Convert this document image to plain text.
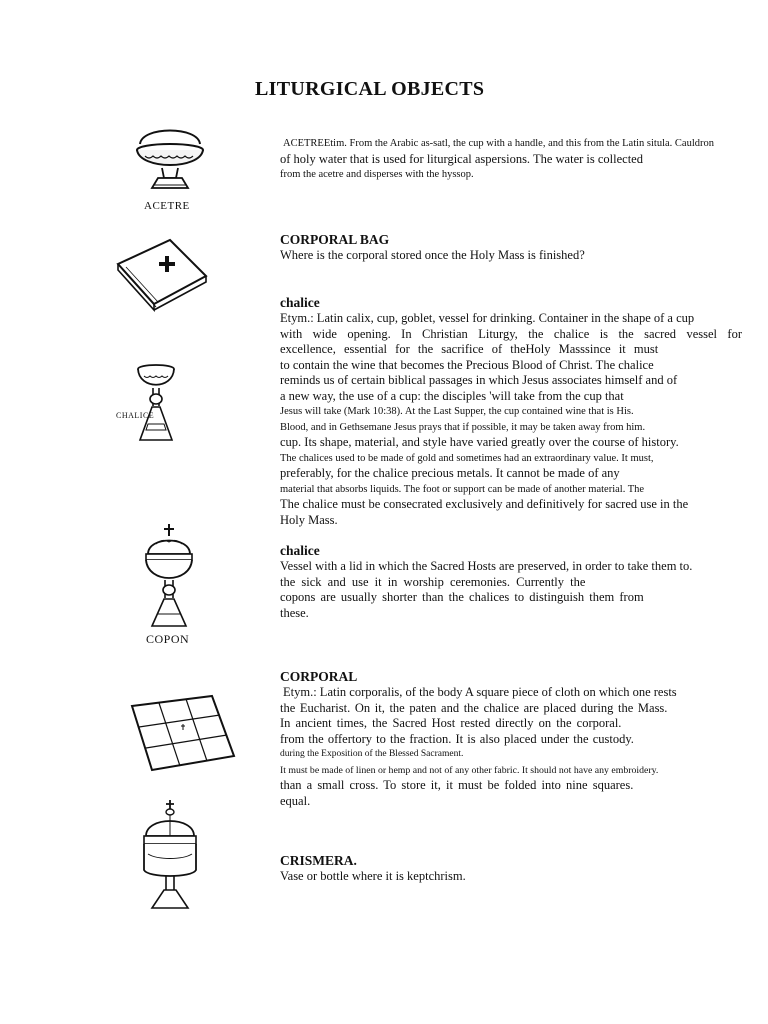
LITURGICAL OBJECTS
ACETRE
CHALICE
COPON
ACETREEtim. From the Arabic as-satl, the cup with a handle, and this from the Latin situla. Cauldron
of holy water that is used for liturgical aspersions. The water is collected
from the acetre and disperses with the hyssop.
CORPORAL BAG
Where is the corporal stored once the Holy Mass is finished?
chalice
Etym.: Latin calix, cup, goblet, vessel for drinking. Container in the shape of a cup
with wide opening. In Christian Liturgy, the chalice is the sacred vessel for
excellence, essential for the sacrifice of theHoly Masssince it must
to contain the wine that becomes the Precious Blood of Christ. The chalice
reminds us of certain biblical passages in which Jesus associates himself and of
a new way, the use of a cup: the disciples 'will take from the cup that
Jesus will take (Mark 10:38). At the Last Supper, the cup contained wine that is His.
Blood, and in Gethsemane Jesus prays that if possible, it may be taken away from him.
cup. Its shape, material, and style have varied greatly over the course of history.
The chalices used to be made of gold and sometimes had an extraordinary value. It must,
preferably, for the chalice precious metals. It cannot be made of any
material that absorbs liquids. The foot or support can be made of another material. The
The chalice must be consecrated exclusively and definitively for sacred use in the
Holy Mass.
chalice
Vessel with a lid in which the Sacred Hosts are preserved, in order to take them to.
the sick and use it in worship ceremonies. Currently the
copons are usually shorter than the chalices to distinguish them from
these.
CORPORAL
Etym.: Latin corporalis, of the body A square piece of cloth on which one rests
the Eucharist. On it, the paten and the chalice are placed during the Mass.
In ancient times, the Sacred Host rested directly on the corporal.
from the offertory to the fraction. It is also placed under the custody.
during the Exposition of the Blessed Sacrament.
It must be made of linen or hemp and not of any other fabric. It should not have any embroidery.
than a small cross. To store it, it must be folded into nine squares.
equal.
CRISMERA.
Vase or bottle where it is keptchrism.
